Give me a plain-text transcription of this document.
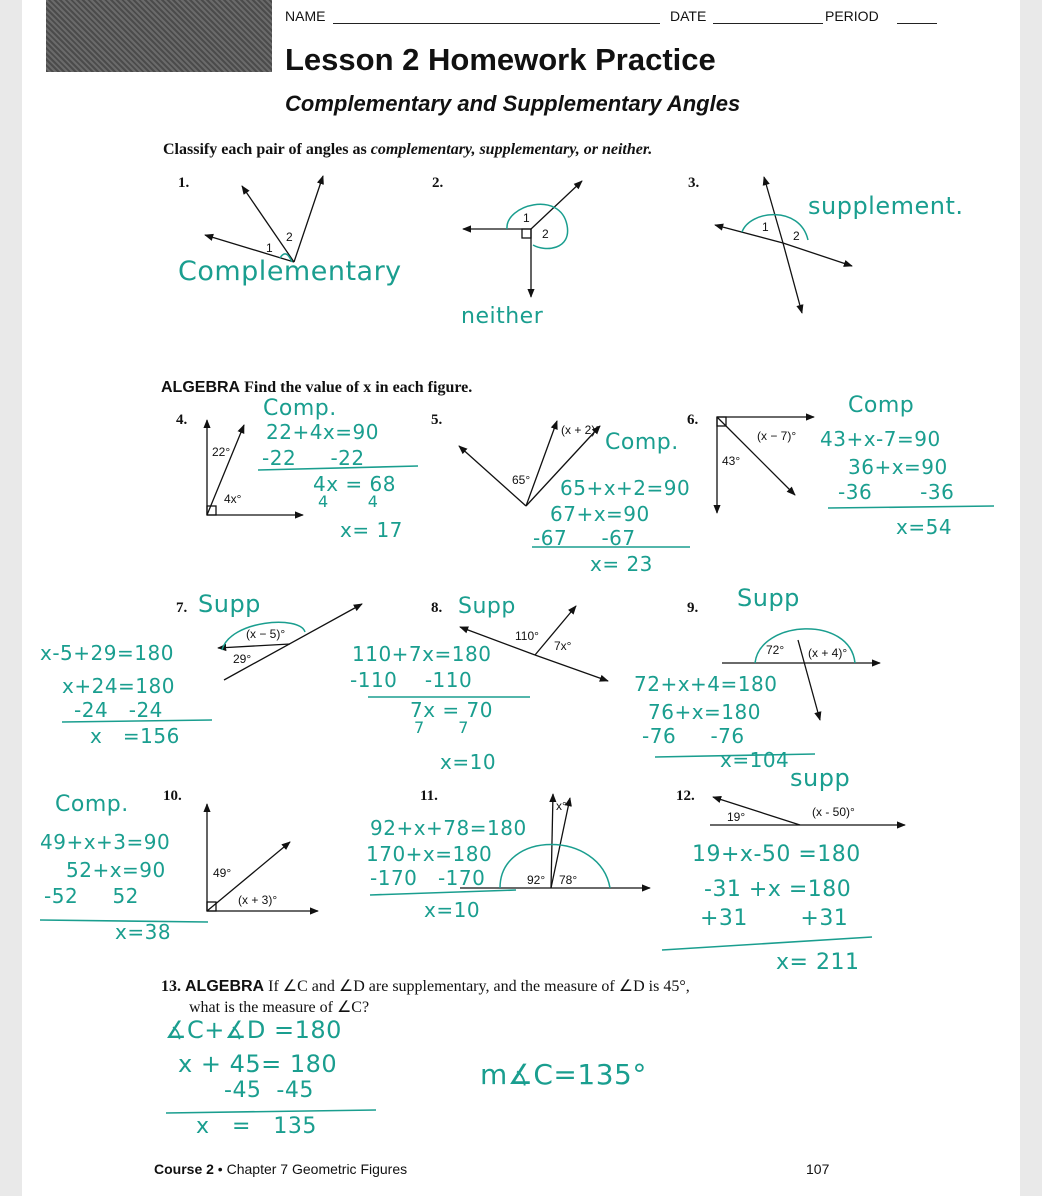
NAME	DATE	PERIOD
Lesson 2 Homework Practice
Complementary and Supplementary Angles
Classify each pair of angles as complementary, supplementary, or neither.
1.	2.	3.
1
2
1
2	1
2
22°
4x°
(x + 2)°
65°
(x − 7)°
43°
(x − 5)°
29°
110°
7x°	72° (x + 4)°
49°
(x + 3)°
x°
92° 78°
19°	(x - 50)°
Complementary
neither
supplement.
ALGEBRA Find the value of x in each figure.
4.	5.	6.
7.	8.	9.
10.	11.	12.
Comp.
22+4x=90
-22     -22
4x = 68
4       4
x= 17
Comp.
65+x+2=90
67+x=90
-67     -67
x= 23
Comp
43+x-7=90
36+x=90
-36       -36
x=54
Supp
x-5+29=180
x+24=180
-24   -24
x   =156
Supp
110+7x=180
-110    -110
7x = 70
7      7
x=10
Supp
72+x+4=180
76+x=180
-76     -76
x=104
Comp.
49+x+3=90
52+x=90
-52     52
x=38
92+x+78=180
170+x=180
-170   -170
x=10
supp
19+x-50 =180
-31 +x =180
+31       +31
x= 211
13. ALGEBRA If ∠C and ∠D are supplementary, and the measure of ∠D is 45°,
what is the measure of ∠C?
∡C+∡D =180
x + 45= 180
-45  -45
x   =   135
m∡C=135°
Course 2 • Chapter 7 Geometric Figures	107
